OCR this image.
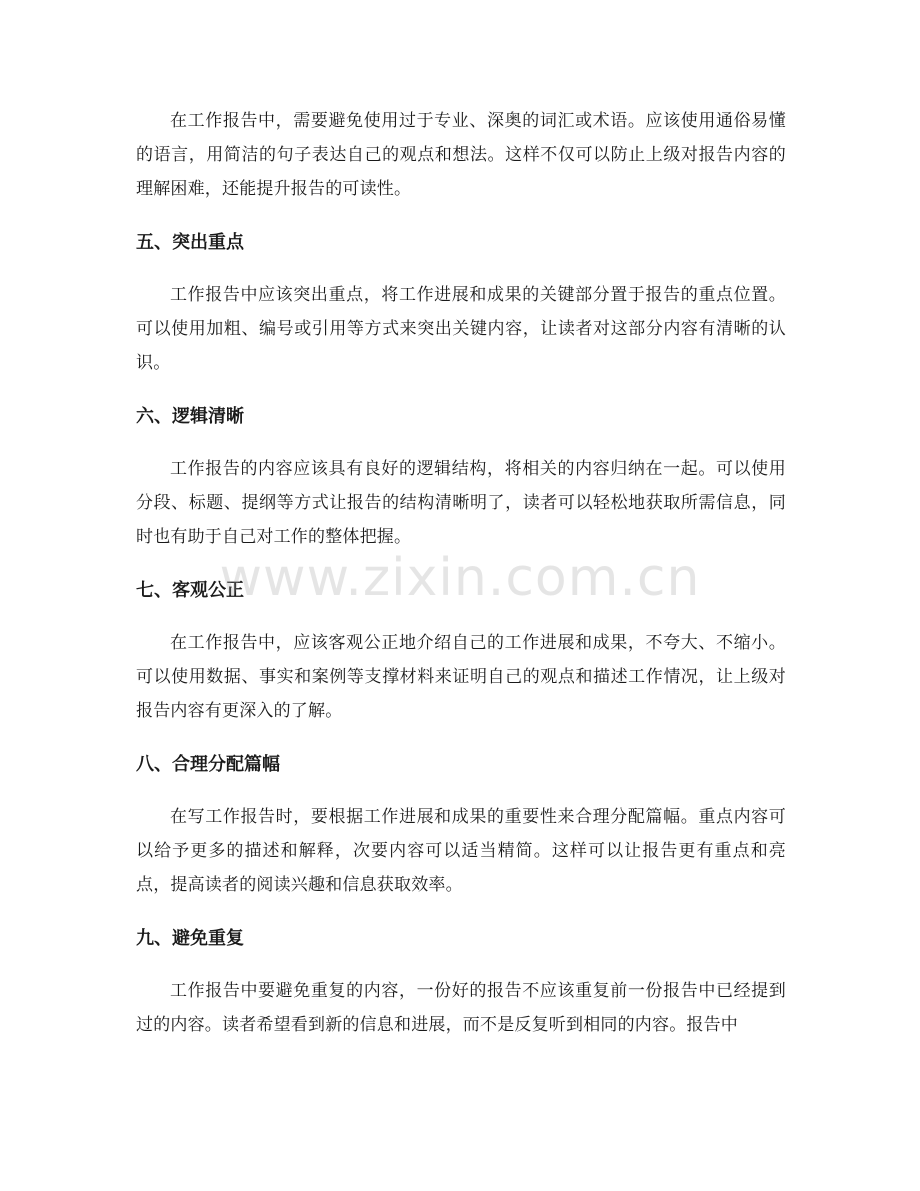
在工作报告中，需要避免使用过于专业、深奥的词汇或术语。应该使用通俗易懂的语言，用简洁的句子表达自己的观点和想法。这样不仅可以防止上级对报告内容的理解困难，还能提升报告的可读性。

五、突出重点

工作报告中应该突出重点，将工作进展和成果的关键部分置于报告的重点位置。可以使用加粗、编号或引用等方式来突出关键内容，让读者对这部分内容有清晰的认识。

六、逻辑清晰

工作报告的内容应该具有良好的逻辑结构，将相关的内容归纳在一起。可以使用分段、标题、提纲等方式让报告的结构清晰明了，读者可以轻松地获取所需信息，同时也有助于自己对工作的整体把握。

七、客观公正

在工作报告中，应该客观公正地介绍自己的工作进展和成果，不夸大、不缩小。可以使用数据、事实和案例等支撑材料来证明自己的观点和描述工作情况，让上级对报告内容有更深入的了解。

八、合理分配篇幅

在写工作报告时，要根据工作进展和成果的重要性来合理分配篇幅。重点内容可以给予更多的描述和解释，次要内容可以适当精简。这样可以让报告更有重点和亮点，提高读者的阅读兴趣和信息获取效率。

九、避免重复

工作报告中要避免重复的内容，一份好的报告不应该重复前一份报告中已经提到过的内容。读者希望看到新的信息和进展，而不是反复听到相同的内容。报告中

www.zixin.com.cn
